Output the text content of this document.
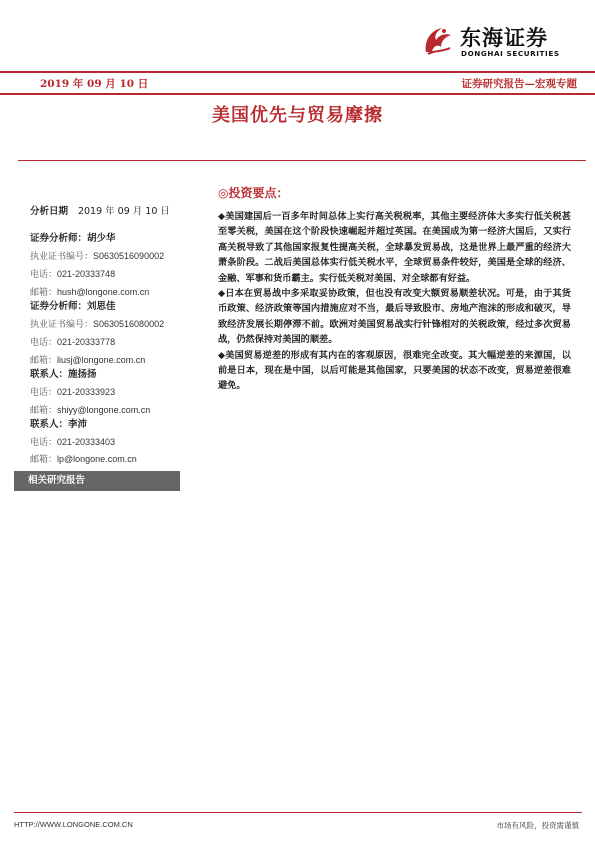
东海证券
DONGHAI SECURITIES
2019 年 09 月 10 日	证券研究报告—宏观专题
美国优先与贸易摩擦
分析日期 2019 年 09 月 10 日
证券分析师：胡少华
执业证书编号：S0630516090002
电话：021-20333748
邮箱：hush@longone.com.cn
证券分析师：刘思佳
执业证书编号：S0630516080002
电话：021-20333778
邮箱：liusj@longone.com.cn
联系人：施扬扬
电话：021-20333923
邮箱：shiyy@longone.com.cn
联系人：李沛
电话：021-20333403
邮箱：lp@longone.com.cn
相关研究报告
◎投资要点：

◆美国建国后一百多年时间总体上实行高关税税率，其他主要经济体大多实行低关税甚至零关税，美国在这个阶段快速崛起并超过英国。在美国成为第一经济大国后，又实行高关税导致了其他国家报复性提高关税，全球暴发贸易战，这是世界上最严重的经济大萧条阶段。二战后美国总体实行低关税水平，全球贸易条件较好，美国是全球的经济、金融、军事和货币霸主。实行低关税对美国、对全球都有好益。

◆日本在贸易战中多采取妥协政策，但也没有改变大额贸易顺差状况。可是，由于其货币政策、经济政策等国内措施应对不当，最后导致股市、房地产泡沫的形成和破灭，导致经济发展长期停滞不前。欧洲对美国贸易战实行针锋相对的关税政策，经过多次贸易战，仍然保持对美国的顺差。

◆美国贸易逆差的形成有其内在的客观原因，很难完全改变。其大幅逆差的来源国，以前是日本，现在是中国，以后可能是其他国家，只要美国的状态不改变，贸易逆差很难避免。

HTTP://WWW.LONGONE.COM.CN	市场有风险，投资需谨慎
